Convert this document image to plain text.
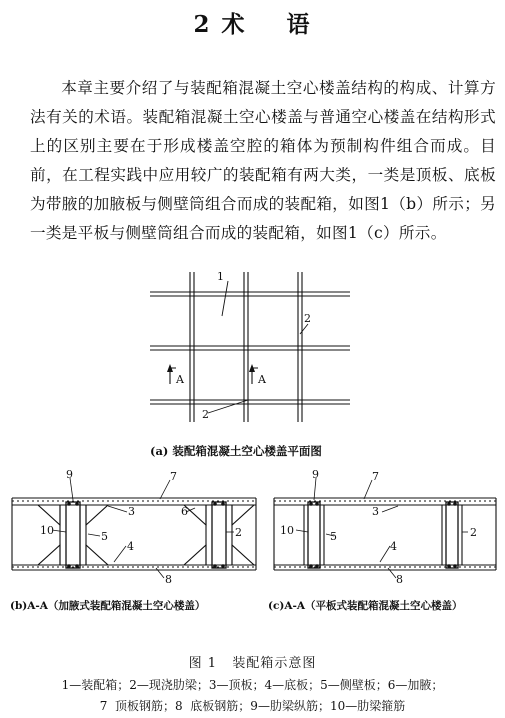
2 术    语

本章主要介绍了与装配箱混凝土空心楼盖结构的构成、计算方法有关的术语。装配箱混凝土空心楼盖与普通空心楼盖在结构形式上的区别主要在于形成楼盖空腔的箱体为预制构件组合而成。目前，在工程实践中应用较广的装配箱有两大类，一类是顶板、底板为带腋的加腋板与侧壁筒组合而成的装配箱，如图1（b）所示；另一类是平板与侧壁筒组合而成的装配箱，如图1（c）所示。

1
2
2
A	A
(a) 装配箱混凝土空心楼盖平面图
9	7
3	6
10	5	2
4
8
9	7
3
10	5	2
4
8
(b)A-A（加腋式装配箱混凝土空心楼盖）	(c)A-A（平板式装配箱混凝土空心楼盖）
图 1   装配箱示意图
1—装配箱；2—现浇肋梁；3—顶板；4—底板；5—侧壁板；6—加腋；
7  顶板钢筋；8  底板钢筋；9—肋梁纵筋；10—肋梁箍筋
